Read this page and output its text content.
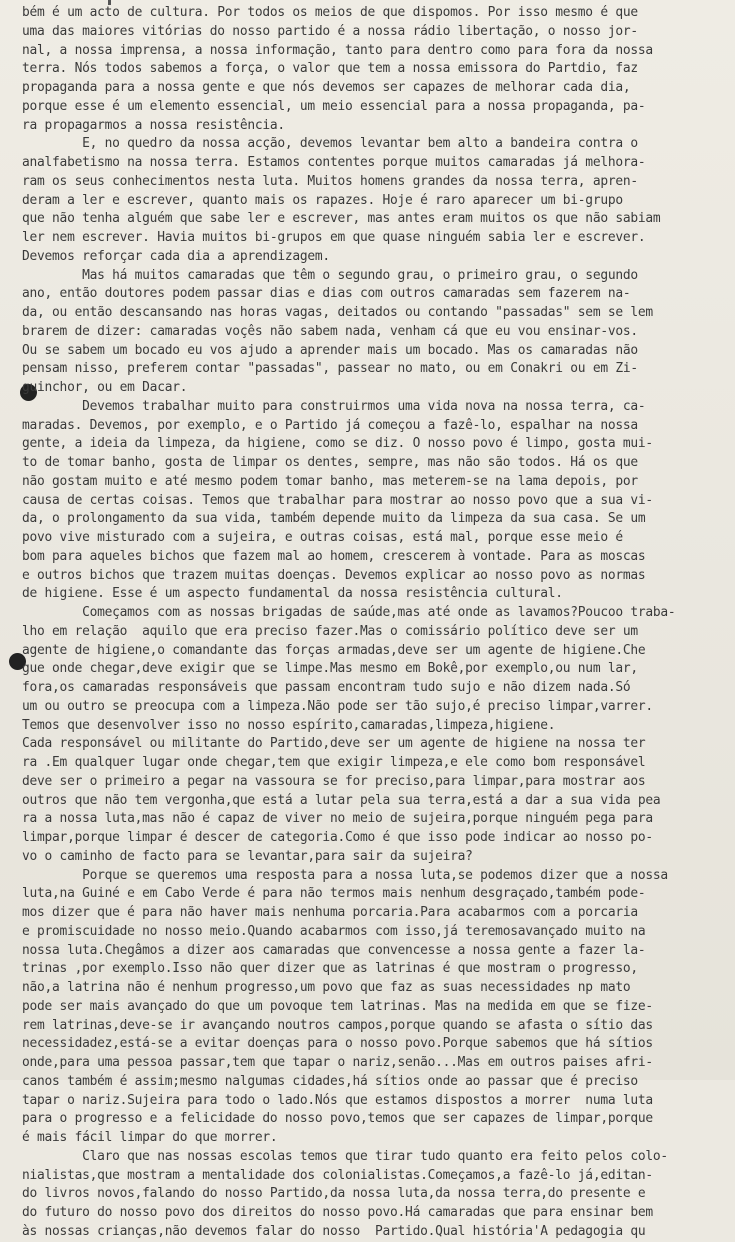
bém é um acto de cultura. Por todos os meios de que dispomos. Por isso mesmo é que
uma das maiores vitórias do nosso partido é a nossa rádio libertação, o nosso jor-
nal, a nossa imprensa, a nossa informação, tanto para dentro como para fora da nossa
terra. Nós todos sabemos a força, o valor que tem a nossa emissora do Partdio, faz
propaganda para a nossa gente e que nós devemos ser capazes de melhorar cada dia,
porque esse é um elemento essencial, um meio essencial para a nossa propaganda, pa-
ra propagarmos a nossa resistência.
E, no quedro da nossa acção, devemos levantar bem alto a bandeira contra o
analfabetismo na nossa terra. Estamos contentes porque muitos camaradas já melhora-
ram os seus conhecimentos nesta luta. Muitos homens grandes da nossa terra, apren-
deram a ler e escrever, quanto mais os rapazes. Hoje é raro aparecer um bi-grupo
que não tenha alguém que sabe ler e escrever, mas antes eram muitos os que não sabiam
ler nem escrever. Havia muitos bi-grupos em que quase ninguém sabia ler e escrever.
Devemos reforçar cada dia a aprendizagem.
Mas há muitos camaradas que têm o segundo grau, o primeiro grau, o segundo
ano, então doutores podem passar dias e dias com outros camaradas sem fazerem na-
da, ou então descansando nas horas vagas, deitados ou contando "passadas" sem se lem
brarem de dizer: camaradas voçês não sabem nada, venham cá que eu vou ensinar-vos.
Ou se sabem um bocado eu vos ajudo a aprender mais um bocado. Mas os camaradas não
pensam nisso, preferem contar "passadas", passear no mato, ou em Conakri ou em Zi-
guinchor, ou em Dacar.
Devemos trabalhar muito para construirmos uma vida nova na nossa terra, ca-
maradas. Devemos, por exemplo, e o Partido já começou a fazê-lo, espalhar na nossa
gente, a ideia da limpeza, da higiene, como se diz. O nosso povo é limpo, gosta mui-
to de tomar banho, gosta de limpar os dentes, sempre, mas não são todos. Há os que
não gostam muito e até mesmo podem tomar banho, mas meterem-se na lama depois, por
causa de certas coisas. Temos que trabalhar para mostrar ao nosso povo que a sua vi-
da, o prolongamento da sua vida, também depende muito da limpeza da sua casa. Se um
povo vive misturado com a sujeira, e outras coisas, está mal, porque esse meio é
bom para aqueles bichos que fazem mal ao homem, crescerem à vontade. Para as moscas
e outros bichos que trazem muitas doenças. Devemos explicar ao nosso povo as normas
de higiene. Esse é um aspecto fundamental da nossa resistência cultural.
Começamos com as nossas brigadas de saúde,mas até onde as lavamos?Poucoo traba-
lho em relação  aquilo que era preciso fazer.Mas o comissário político deve ser um
agente de higiene,o comandante das forças armadas,deve ser um agente de higiene.Che
gue onde chegar,deve exigir que se limpe.Mas mesmo em Bokê,por exemplo,ou num lar,
fora,os camaradas responsáveis que passam encontram tudo sujo e não dizem nada.Só
um ou outro se preocupa com a limpeza.Não pode ser tão sujo,é preciso limpar,varrer.
Temos que desenvolver isso no nosso espírito,camaradas,limpeza,higiene.
Cada responsável ou militante do Partido,deve ser um agente de higiene na nossa ter
ra .Em qualquer lugar onde chegar,tem que exigir limpeza,e ele como bom responsável
deve ser o primeiro a pegar na vassoura se for preciso,para limpar,para mostrar aos
outros que não tem vergonha,que está a lutar pela sua terra,está a dar a sua vida pea
ra a nossa luta,mas não é capaz de viver no meio de sujeira,porque ninguém pega para
limpar,porque limpar é descer de categoria.Como é que isso pode indicar ao nosso po-
vo o caminho de facto para se levantar,para sair da sujeira?
Porque se queremos uma resposta para a nossa luta,se podemos dizer que a nossa
luta,na Guiné e em Cabo Verde é para não termos mais nenhum desgraçado,também pode-
mos dizer que é para não haver mais nenhuma porcaria.Para acabarmos com a porcaria
e promiscuidade no nosso meio.Quando acabarmos com isso,já teremosavançado muito na
nossa luta.Chegâmos a dizer aos camaradas que convencesse a nossa gente a fazer la-
trinas ,por exemplo.Isso não quer dizer que as latrinas é que mostram o progresso,
não,a latrina não é nenhum progresso,um povo que faz as suas necessidades np mato
pode ser mais avançado do que um povoque tem latrinas. Mas na medida em que se fize-
rem latrinas,deve-se ir avançando noutros campos,porque quando se afasta o sítio das
necessidadez,está-se a evitar doenças para o nosso povo.Porque sabemos que há sítios
onde,para uma pessoa passar,tem que tapar o nariz,senão...Mas em outros paises afri-
canos também é assim;mesmo nalgumas cidades,há sítios onde ao passar que é preciso
tapar o nariz.Sujeira para todo o lado.Nós que estamos dispostos a morrer  numa luta
para o progresso e a felicidade do nosso povo,temos que ser capazes de limpar,porque
é mais fácil limpar do que morrer.
Claro que nas nossas escolas temos que tirar tudo quanto era feito pelos colo-
nialistas,que mostram a mentalidade dos colonialistas.Começamos,a fazê-lo já,editan-
do livros novos,falando do nosso Partido,da nossa luta,da nossa terra,do presente e
do futuro do nosso povo dos direitos do nosso povo.Há camaradas que para ensinar bem
às nossas crianças,não devemos falar do nosso  Partido.Qual história'A pedagogia qu
